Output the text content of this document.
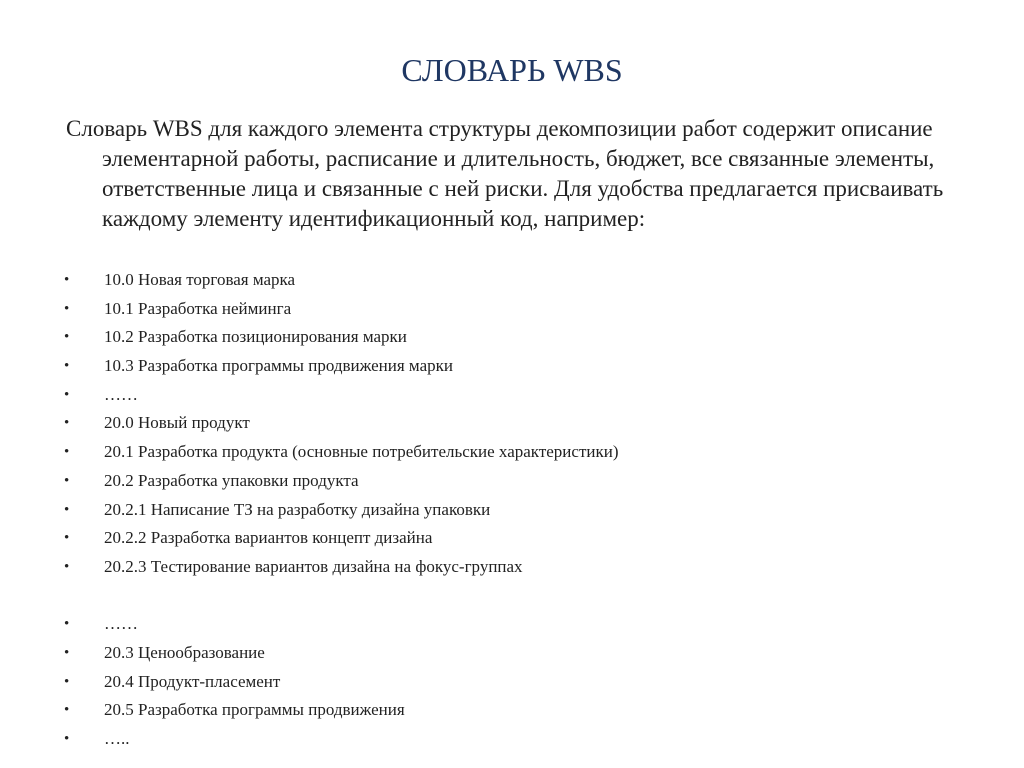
СЛОВАРЬ WBS

Словарь WBS для каждого элемента структуры декомпозиции работ содержит описание элементарной работы, расписание и длительность, бюджет, все связанные элементы, ответственные лица и связанные с ней риски. Для удобства предлагается присваивать каждому элементу идентификационный код, например:

•	10.0 Новая торговая марка
•	10.1 Разработка нейминга
•	10.2 Разработка позиционирования марки
•	10.3 Разработка программы продвижения марки
•	……
•	20.0 Новый продукт
•	20.1 Разработка продукта (основные потребительские характеристики)
•	20.2 Разработка упаковки продукта
•	20.2.1 Написание ТЗ на разработку дизайна упаковки
•	20.2.2 Разработка вариантов концепт дизайна
•	20.2.3 Тестирование вариантов дизайна на фокус-группах
•	……
•	20.3 Ценообразование
•	20.4 Продукт-пласемент
•	20.5 Разработка программы продвижения
•	…..
